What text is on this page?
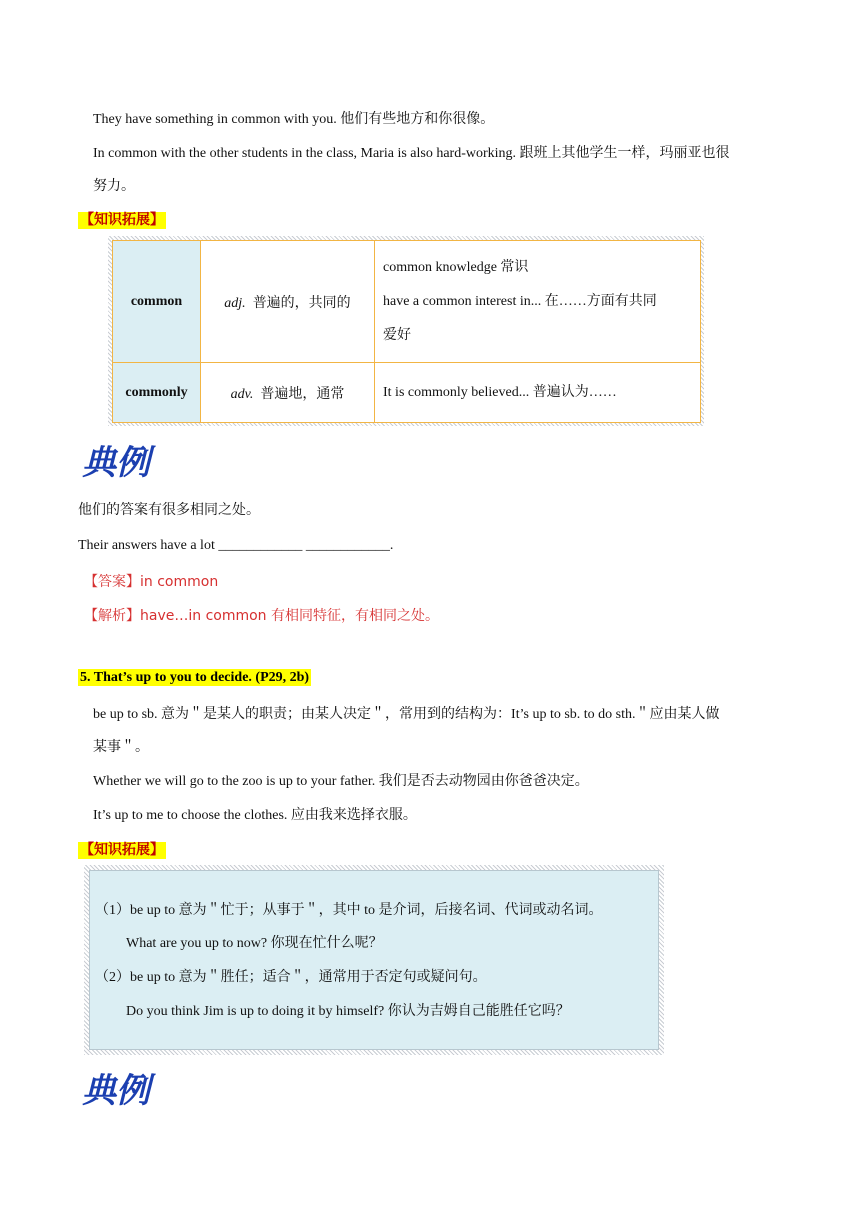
They have something in common with you. 他们有些地方和你很像。
In common with the other students in the class, Maria is also hard-working. 跟班上其他学生一样，玛丽亚也很
努力。
【知识拓展】
common	adj. 普遍的，共同的	common knowledge 常识
have a common interest in... 在……方面有共同
爱好

commonly	adv. 普遍地，通常	It is commonly believed... 普遍认为……
典例
他们的答案有很多相同之处。
Their answers have a lot ____________ ____________.
【答案】in common
【解析】have…in common 有相同特征，有相同之处。
5. That’s up to you to decide. (P29, 2b)
be up to sb. 意为＂是某人的职责；由某人决定＂，常用到的结构为：It’s up to sb. to do sth.＂应由某人做
某事＂。
Whether we will go to the zoo is up to your father. 我们是否去动物园由你爸爸决定。
It’s up to me to choose the clothes. 应由我来选择衣服。
【知识拓展】
（1）be up to 意为＂忙于；从事于＂，其中 to 是介词，后接名词、代词或动名词。
What are you up to now? 你现在忙什么呢？
（2）be up to 意为＂胜任；适合＂，通常用于否定句或疑问句。
Do you think Jim is up to doing it by himself? 你认为吉姆自己能胜任它吗？
典例
